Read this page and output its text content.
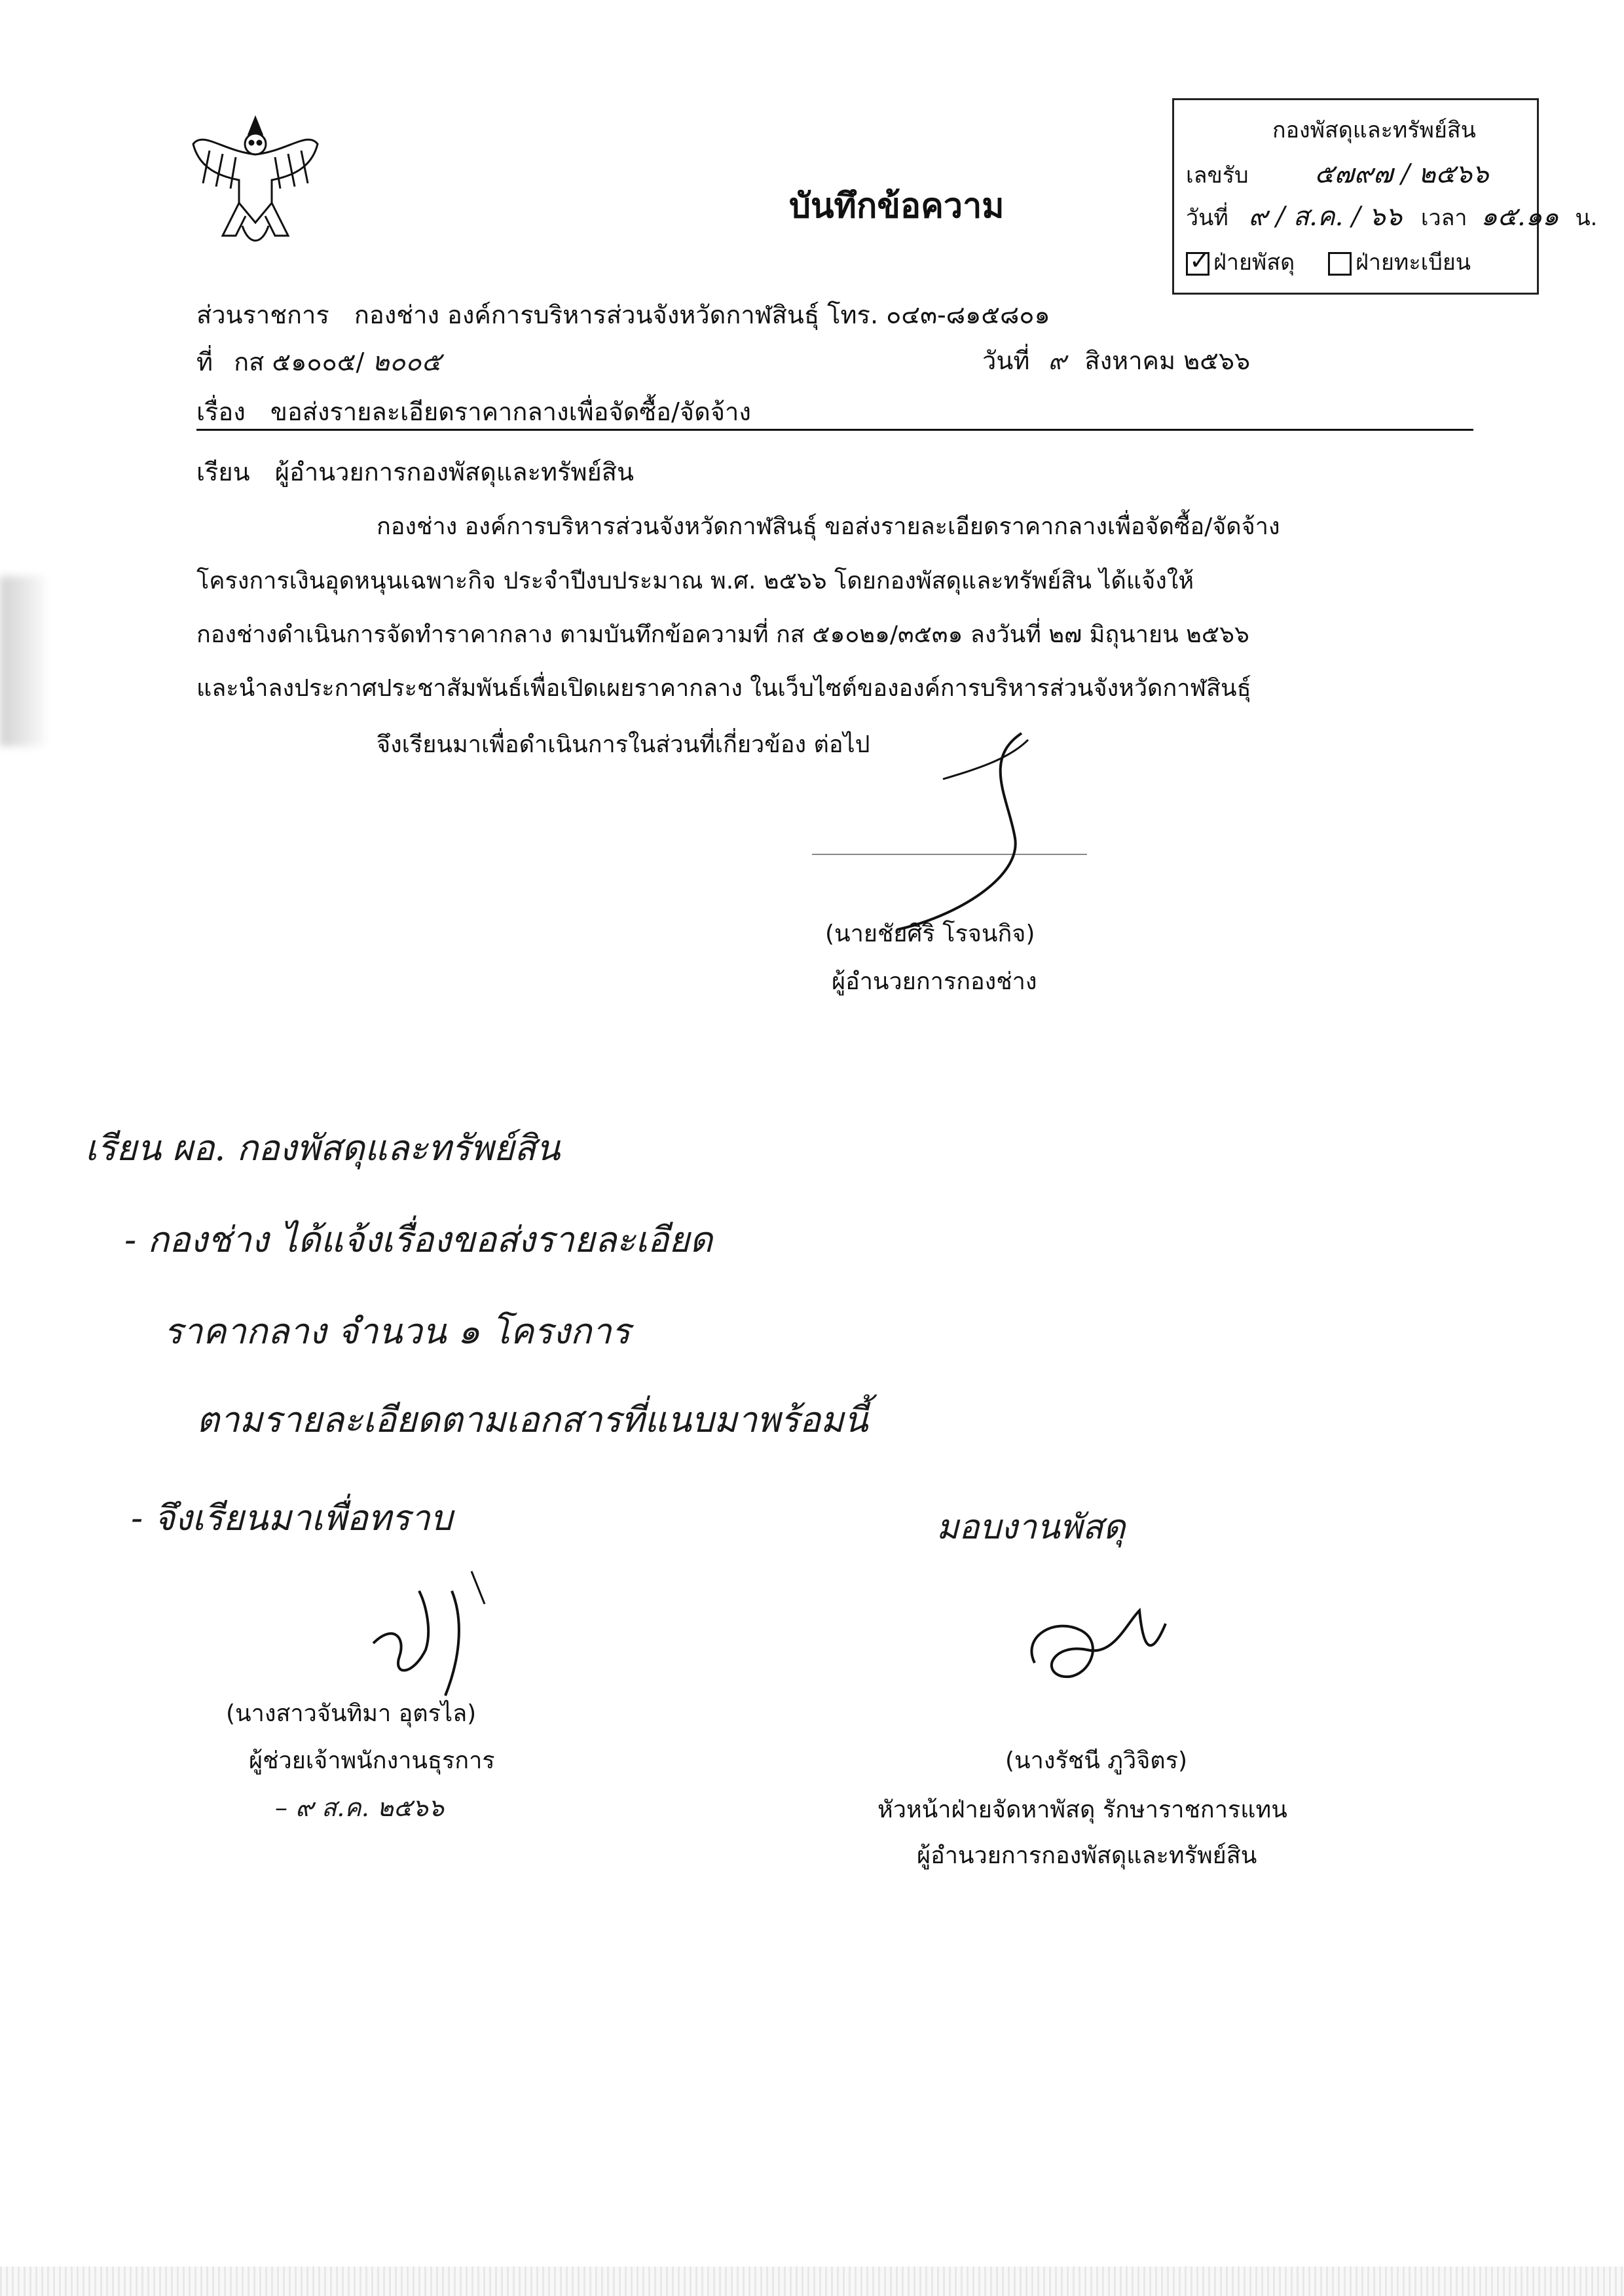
บันทึกข้อความ
กองพัสดุและทรัพย์สิน
เลขรับ	๕๗๙๗ / ๒๕๖๖
วันที่ ๙ / ส.ค. / ๖๖ เวลา ๑๕.๑๑ น.
✓ฝ่ายพัสดุ	ฝ่ายทะเบียน
ส่วนราชการ กองช่าง องค์การบริหารส่วนจังหวัดกาฬสินธุ์ โทร. ๐๔๓-๘๑๕๘๐๑
ที่ กส ๕๑๐๐๕/ ๒๐๐๕	วันที่ ๙ สิงหาคม ๒๕๖๖
เรื่อง ขอส่งรายละเอียดราคากลางเพื่อจัดซื้อ/จัดจ้าง
เรียน ผู้อำนวยการกองพัสดุและทรัพย์สิน
กองช่าง องค์การบริหารส่วนจังหวัดกาฬสินธุ์ ขอส่งรายละเอียดราคากลางเพื่อจัดซื้อ/จัดจ้าง
โครงการเงินอุดหนุนเฉพาะกิจ ประจำปีงบประมาณ พ.ศ. ๒๕๖๖ โดยกองพัสดุและทรัพย์สิน ได้แจ้งให้
กองช่างดำเนินการจัดทำราคากลาง ตามบันทึกข้อความที่ กส ๕๑๐๒๑/๓๕๓๑ ลงวันที่ ๒๗ มิถุนายน ๒๕๖๖
และนำลงประกาศประชาสัมพันธ์เพื่อเปิดเผยราคากลาง ในเว็บไซต์ขององค์การบริหารส่วนจังหวัดกาฬสินธุ์
จึงเรียนมาเพื่อดำเนินการในส่วนที่เกี่ยวข้อง ต่อไป
(นายชัยศิริ โรจนกิจ)
ผู้อำนวยการกองช่าง
เรียน ผอ. กองพัสดุและทรัพย์สิน
- กองช่าง ได้แจ้งเรื่องขอส่งรายละเอียด
ราคากลาง จำนวน ๑ โครงการ
ตามรายละเอียดตามเอกสารที่แนบมาพร้อมนี้
- จึงเรียนมาเพื่อทราบ
(นางสาวจันทิมา อุตรไล)
ผู้ช่วยเจ้าพนักงานธุรการ
– ๙ ส.ค. ๒๕๖๖
มอบงานพัสดุ
(นางรัชนี ภูวิจิตร)
หัวหน้าฝ่ายจัดหาพัสดุ รักษาราชการแทน
ผู้อำนวยการกองพัสดุและทรัพย์สิน
